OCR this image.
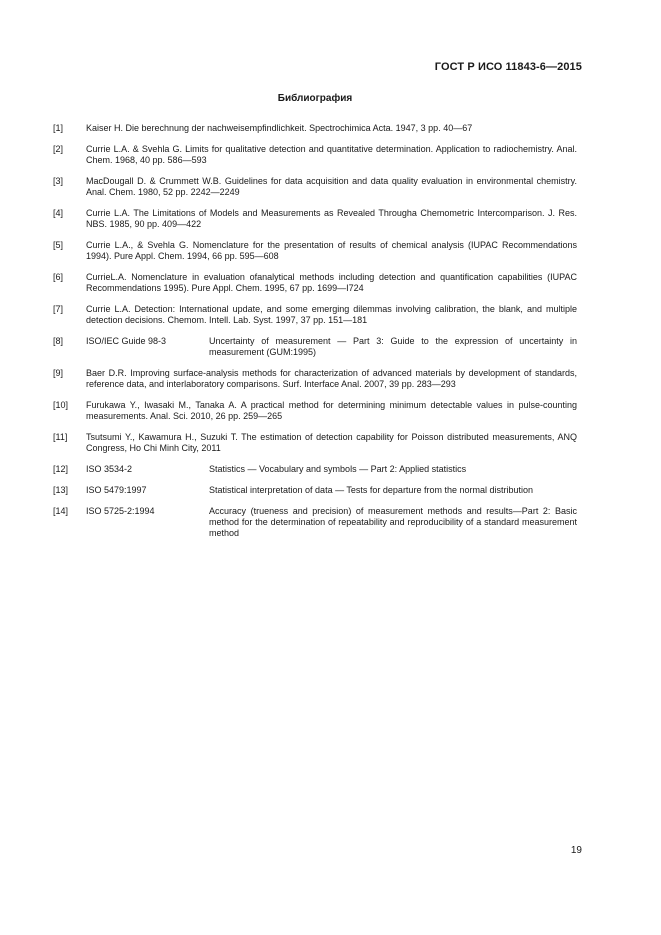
ГОСТ Р ИСО 11843-6—2015
Библиография
[1]	Kaiser H. Die berechnung der nachweisempfindlichkeit. Spectrochimica Acta. 1947, 3 pp. 40—67
[2]	Currie L.A. & Svehla G. Limits for qualitative detection and quantitative determination. Application to radiochemistry. Anal. Chem. 1968, 40 pp. 586—593
[3]	MacDougall D. & Crummett W.B. Guidelines for data acquisition and data quality evaluation in environmental chemistry. Anal. Chem. 1980, 52 pp. 2242—2249
[4]	Currie L.A. The Limitations of Models and Measurements as Revealed Througha Chemometric Intercomparison. J. Res. NBS. 1985, 90 pp. 409—422
[5]	Currie L.A., & Svehla G. Nomenclature for the presentation of results of chemical analysis (IUPAC Recommendations 1994). Pure Appl. Chem. 1994, 66 pp. 595—608
[6]	CurrieL.A. Nomenclature in evaluation ofanalytical methods including detection and quantification capabilities (IUPAC Recommendations 1995). Pure Appl. Chem. 1995, 67 pp. 1699—I724
[7]	Currie L.A. Detection: International update, and some emerging dilemmas involving calibration, the blank, and multiple detection decisions. Chemom. Intell. Lab. Syst. 1997, 37 pp. 151—181
[8]	ISO/IEC Guide 98-3	Uncertainty of measurement — Part 3: Guide to the expression of uncertainty in measurement (GUM:1995)
[9]	Baer D.R. Improving surface-analysis methods for characterization of advanced materials by development of standards, reference data, and interlaboratory comparisons. Surf. Interface Anal. 2007, 39 pp. 283—293
[10]	Furukawa Y., Iwasaki M., Tanaka A. A practical method for determining minimum detectable values in pulse-counting measurements. Anal. Sci. 2010, 26 pp. 259—265
[11]	Tsutsumi Y., Kawamura H., Suzuki T. The estimation of detection capability for Poisson distributed measurements, ANQ Congress, Ho Chi Minh City, 2011
[12]	ISO 3534-2	Statistics — Vocabulary and symbols — Part 2: Applied statistics
[13]	ISO 5479:1997	Statistical interpretation of data — Tests for departure from the normal distribution
[14]	ISO 5725-2:1994	Accuracy (trueness and precision) of measurement methods and results—Part 2: Basic method for the determination of repeatability and reproducibility of a standard measurement method
19
